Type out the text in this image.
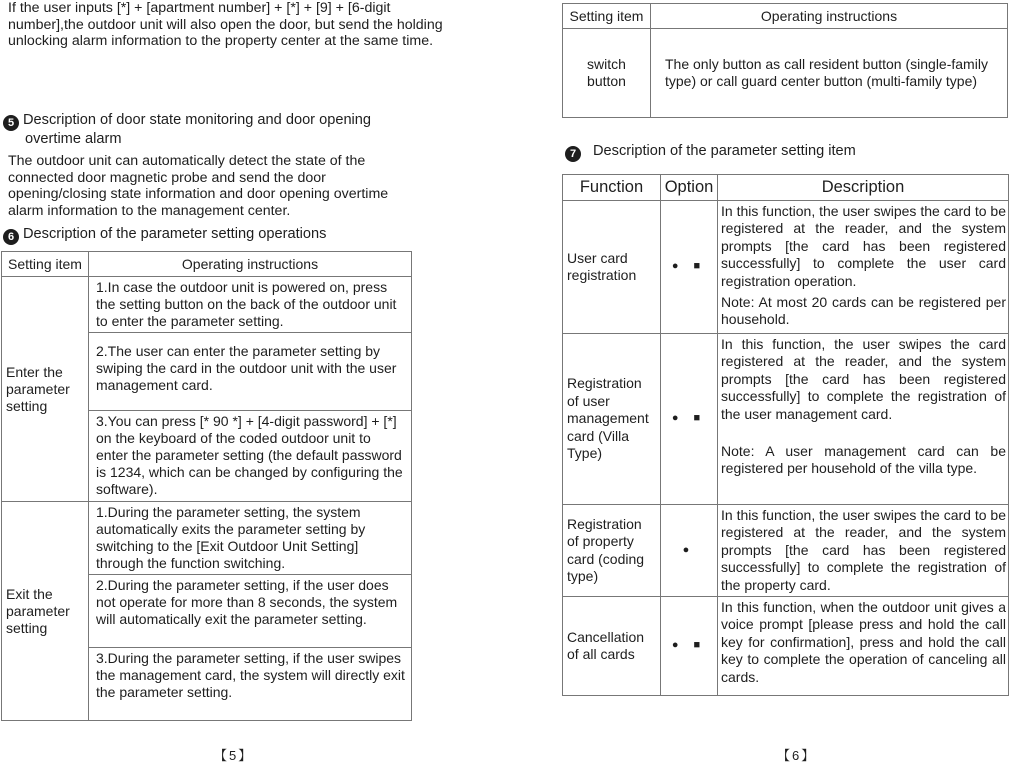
If the user inputs [*] + [apartment number] + [*] + [9] + [6-digit number],the outdoor unit will also open the door, but send the holding unlocking alarm information to the property center at the same time.

5 Description of door state monitoring and door opening
overtime alarm

The outdoor unit can automatically detect the state of the connected door magnetic probe and send the door opening/closing state information and door opening overtime alarm information to the management center.

6 Description of the parameter setting operations
Setting item	Operating instructions
Enter the parameter setting	1.In case the outdoor unit is powered on, press the setting button on the back of the outdoor unit to enter the parameter setting.
	2.The user can enter the parameter setting by swiping the card in the outdoor unit with the user management card.
	3.You can press [* 90 *] + [4-digit password] + [*] on the keyboard of the coded outdoor unit to enter the parameter setting (the default password is 1234, which can be changed by configuring the software).
Exit the parameter setting	1.During the parameter setting, the system automatically exits the parameter setting by switching to the [Exit Outdoor Unit Setting] through the function switching.
	2.During the parameter setting, if the user does not operate for more than 8 seconds, the system will automatically exit the parameter setting.
	3.During the parameter setting, if the user swipes the management card, the system will directly exit the parameter setting.
【5】
Setting item	Operating instructions
switch button	The only button as call resident button (single-family type) or call guard center button (multi-family type)
7 Description of the parameter setting item
Function	Option	Description
User card registration	● ■	In this function, the user swipes the card to be registered at the reader, and the system prompts [the card has been registered successfully] to complete the user card registration operation.
Note: At most 20 cards can be registered per household.

Registration of user management card (Villa Type)	● ■	In this function, the user swipes the card registered at the reader, and the system prompts [the card has been registered successfully] to complete the registration of the user management card.
Note: A user management card can be registered per household of the villa type.

Registration of property card (coding type)	●	In this function, the user swipes the card to be registered at the reader, and the system prompts [the card has been registered successfully] to complete the registration of the property card.
Cancellation of all cards	● ■	In this function, when the outdoor unit gives a voice prompt [please press and hold the call key for confirmation], press and hold the call key to complete the operation of canceling all cards.
【6】
